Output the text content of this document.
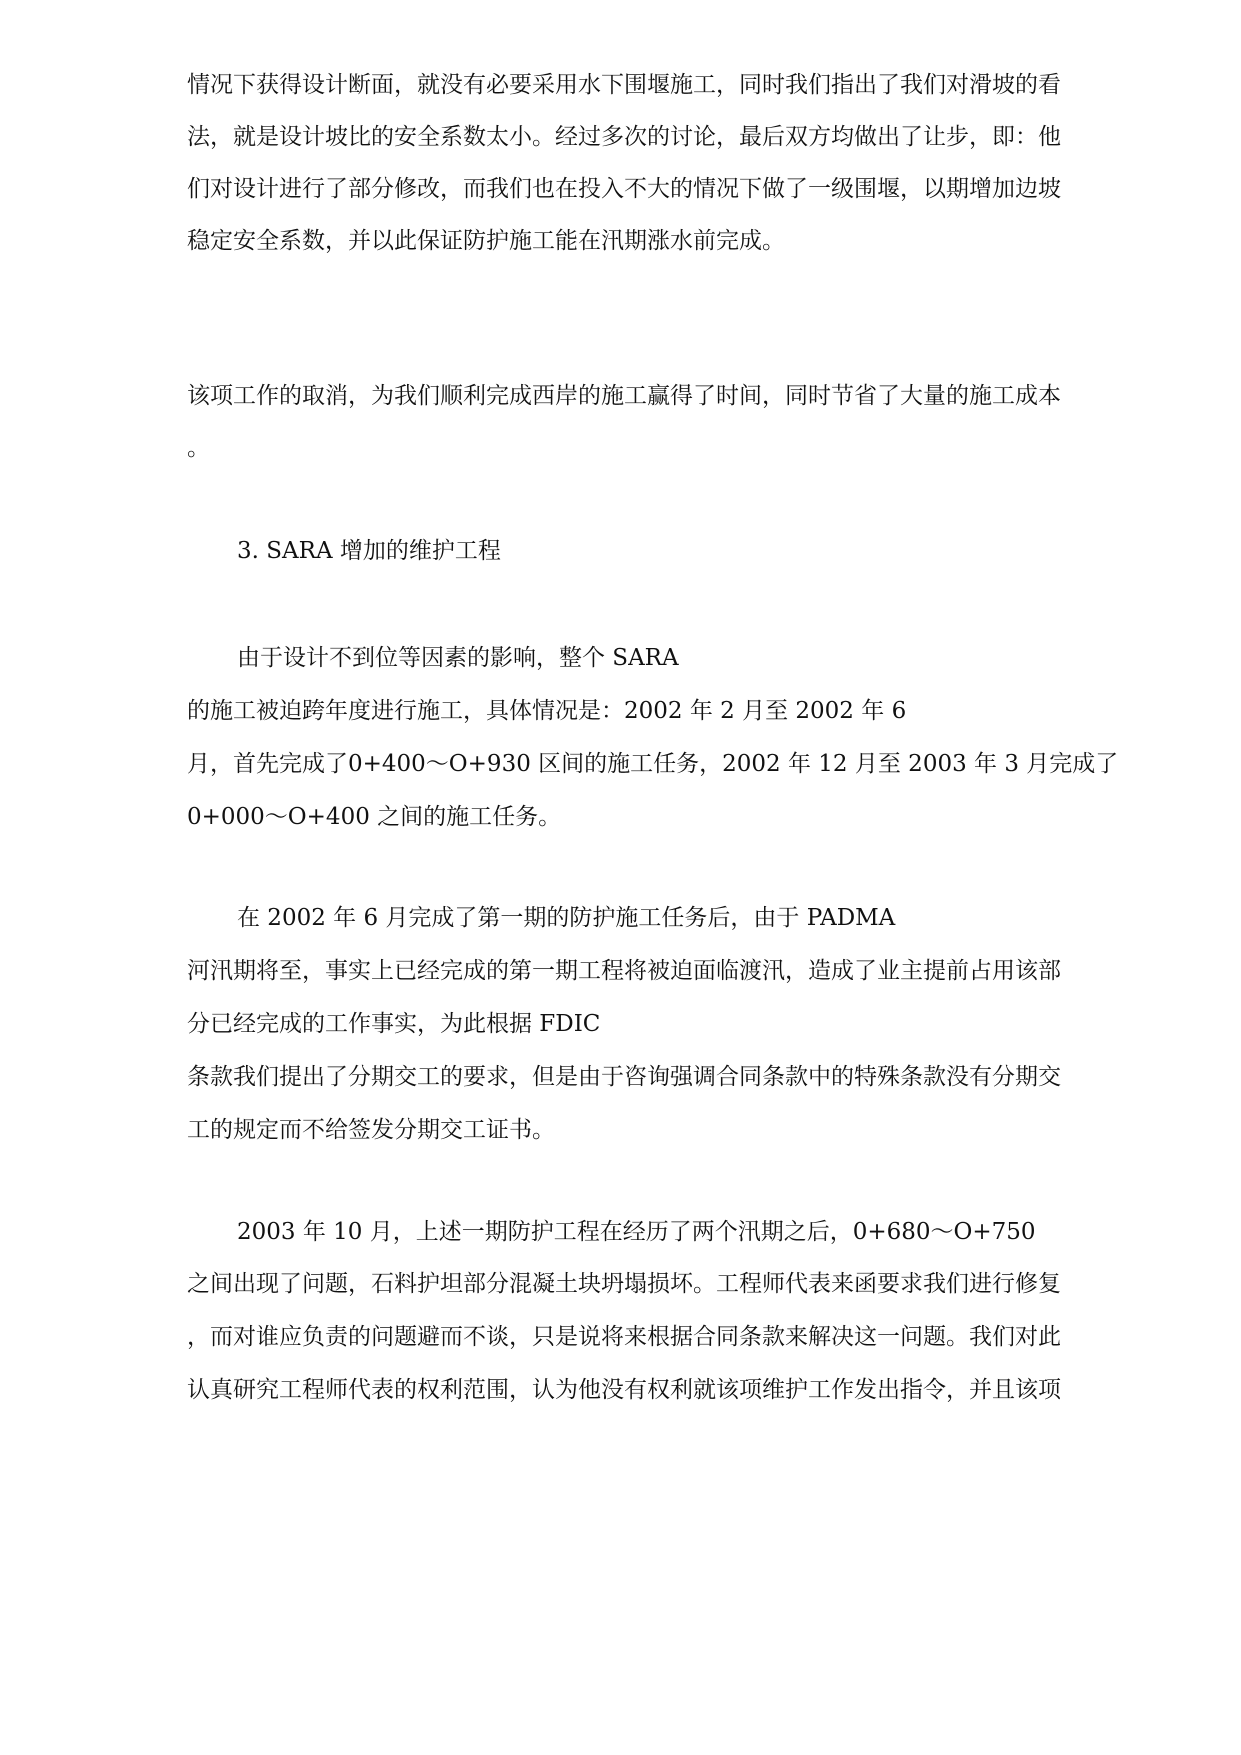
情况下获得设计断面，就没有必要采用水下围堰施工，同时我们指出了我们对滑坡的看

法，就是设计坡比的安全系数太小。经过多次的讨论，最后双方均做出了让步，即：他

们对设计进行了部分修改，而我们也在投入不大的情况下做了一级围堰，以期增加边坡

稳定安全系数，并以此保证防护施工能在汛期涨水前完成。

该项工作的取消，为我们顺利完成西岸的施工赢得了时间，同时节省了大量的施工成本

。

3. SARA 增加的维护工程

由于设计不到位等因素的影响，整个 SARA

的施工被迫跨年度进行施工，具体情况是：2002 年 2 月至 2002 年 6

月，首先完成了0+400～O+930 区间的施工任务，2002 年 12 月至 2003 年 3 月完成了

0+000～O+400 之间的施工任务。

在 2002 年 6 月完成了第一期的防护施工任务后，由于 PADMA

河汛期将至，事实上已经完成的第一期工程将被迫面临渡汛，造成了业主提前占用该部

分已经完成的工作事实，为此根据 FDIC

条款我们提出了分期交工的要求，但是由于咨询强调合同条款中的特殊条款没有分期交

工的规定而不给签发分期交工证书。

2003 年 10 月，上述一期防护工程在经历了两个汛期之后，0+680～O+750

之间出现了问题，石料护坦部分混凝土块坍塌损坏。工程师代表来函要求我们进行修复

，而对谁应负责的问题避而不谈，只是说将来根据合同条款来解决这一问题。我们对此

认真研究工程师代表的权利范围，认为他没有权利就该项维护工作发出指令，并且该项
